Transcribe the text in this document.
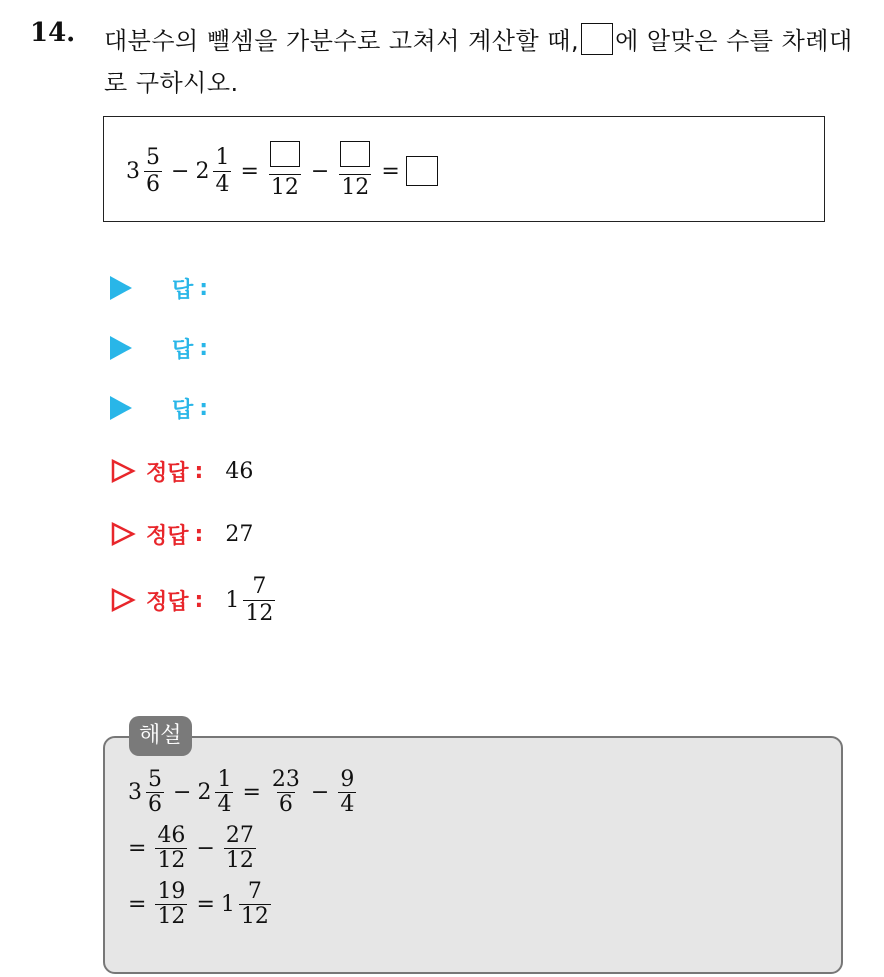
14. 대분수의 뺄셈을 가분수로 고쳐서 계산할 때, 에 알맞은 수를 차례대로 구하시오.
$3 \frac{5}{6} - 2 \frac{1}{4}$ =
12
−
12
=
답 :
답 :
답 :
정답 : 46
정답 : 27
정답 : $1 \frac{7}{12}$
해설
$3 \frac{5}{6} - 2 \frac{1}{4} = \frac{23}{6} - \frac{9}{4}$
= $\frac{46}{12} - \frac{27}{12}$
= $\frac{19}{12} = 1 \frac{7}{12}$
